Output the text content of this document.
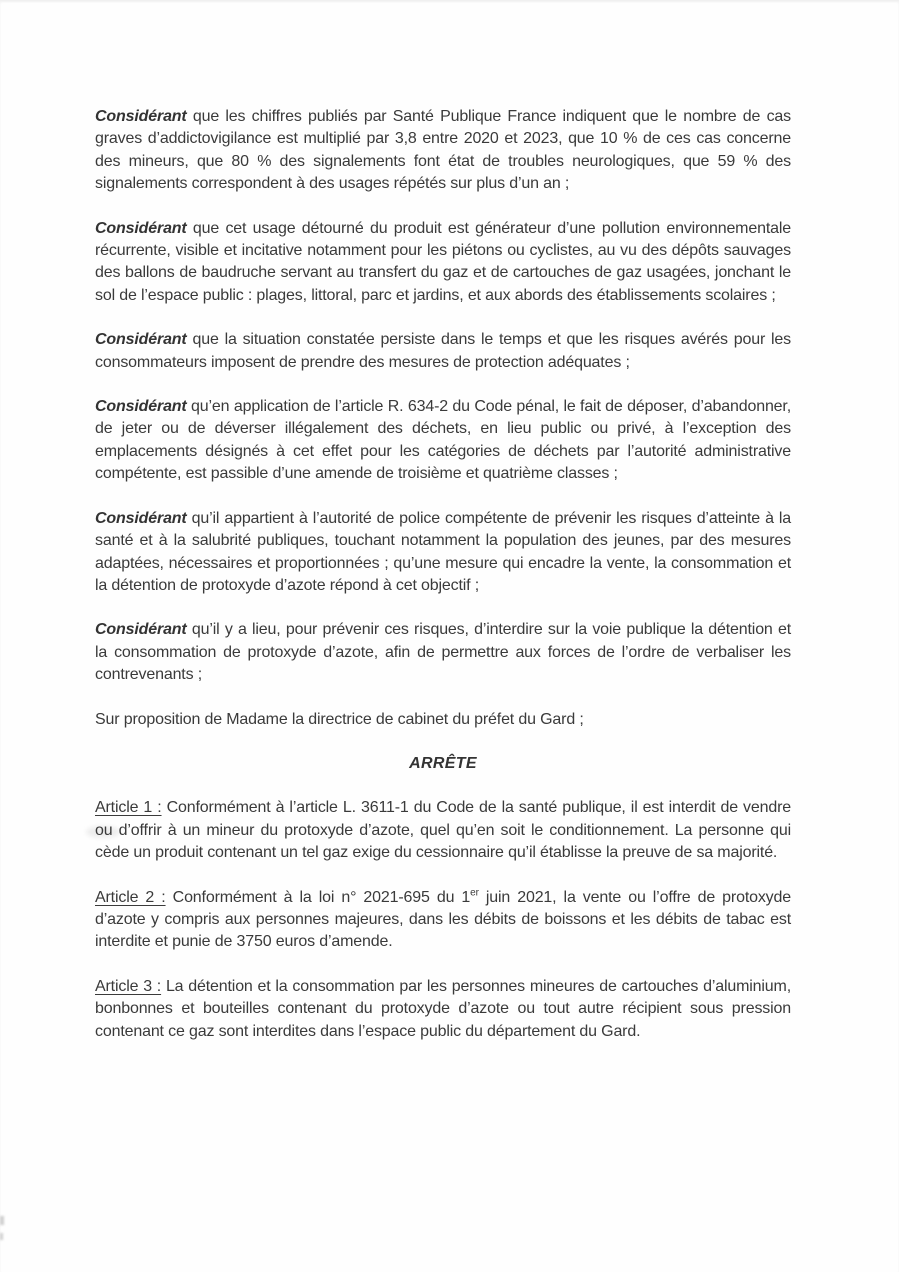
Considérant que les chiffres publiés par Santé Publique France indiquent que le nombre de cas graves d’addictovigilance est multiplié par 3,8 entre 2020 et 2023, que 10 % de ces cas concerne des mineurs, que 80 % des signalements font état de troubles neurologiques, que 59 % des signalements correspondent à des usages répétés sur plus d’un an ;

Considérant que cet usage détourné du produit est générateur d’une pollution environnementale récurrente, visible et incitative notamment pour les piétons ou cyclistes, au vu des dépôts sauvages des ballons de baudruche servant au transfert du gaz et de cartouches de gaz usagées, jonchant le sol de l’espace public : plages, littoral, parc et jardins, et aux abords des établissements scolaires ;

Considérant que la situation constatée persiste dans le temps et que les risques avérés pour les consommateurs imposent de prendre des mesures de protection adéquates ;

Considérant qu’en application de l’article R. 634-2 du Code pénal, le fait de déposer, d’abandonner, de jeter ou de déverser illégalement des déchets, en lieu public ou privé, à l’exception des emplacements désignés à cet effet pour les catégories de déchets par l’autorité administrative compétente, est passible d’une amende de troisième et quatrième classes ;

Considérant qu’il appartient à l’autorité de police compétente de prévenir les risques d’atteinte à la santé et à la salubrité publiques, touchant notamment la population des jeunes, par des mesures adaptées, nécessaires et proportionnées ; qu’une mesure qui encadre la vente, la consommation et la détention de protoxyde d’azote répond à cet objectif ;

Considérant qu’il y a lieu, pour prévenir ces risques, d’interdire sur la voie publique la détention et la consommation de protoxyde d’azote, afin de permettre aux forces de l’ordre de verbaliser les contrevenants ;

Sur proposition de Madame la directrice de cabinet du préfet du Gard ;

ARRÊTE

Article 1 : Conformément à l’article L. 3611-1 du Code de la santé publique, il est interdit de vendre ou d’offrir à un mineur du protoxyde d’azote, quel qu’en soit le conditionnement. La personne qui cède un produit contenant un tel gaz exige du cessionnaire qu’il établisse la preuve de sa majorité.

Article 2 : Conformément à la loi n° 2021-695 du 1er juin 2021, la vente ou l’offre de protoxyde d’azote y compris aux personnes majeures, dans les débits de boissons et les débits de tabac est interdite et punie de 3750 euros d’amende.

Article 3 : La détention et la consommation par les personnes mineures de cartouches d’aluminium, bonbonnes et bouteilles contenant du protoxyde d’azote ou tout autre récipient sous pression contenant ce gaz sont interdites dans l’espace public du département du Gard.
